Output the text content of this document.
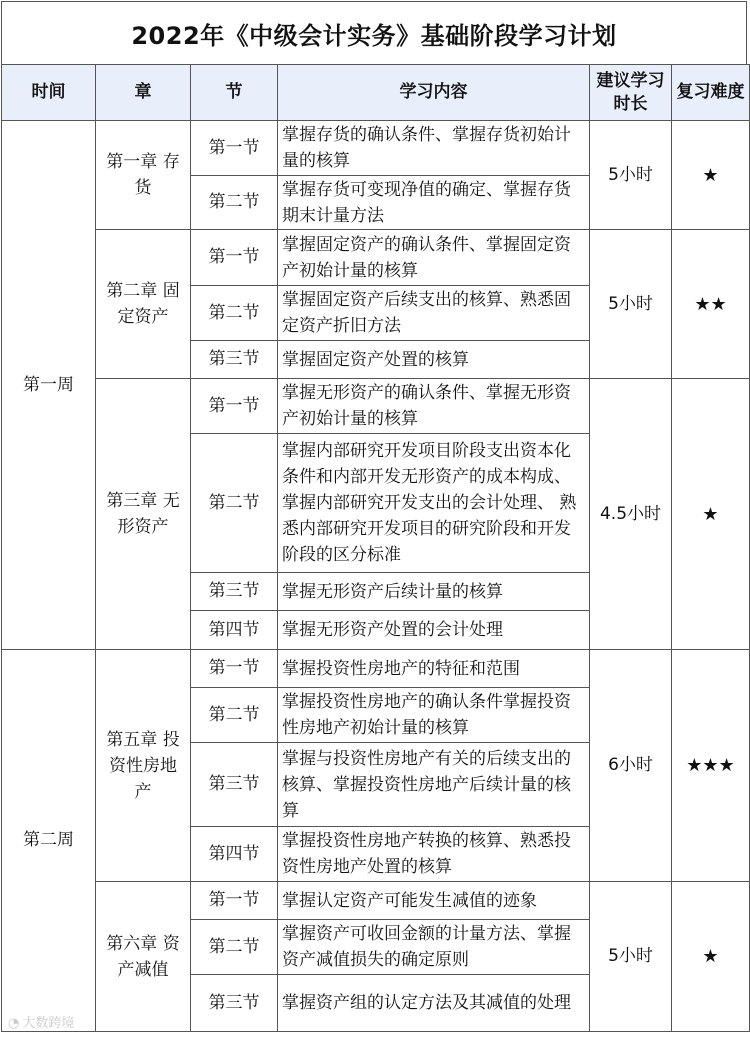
2022年《中级会计实务》基础阶段学习计划
时间	章	节	学习内容	建议学习时长	复习难度
第一周	第一章 存货	第一节	掌握存货的确认条件、掌握存货初始计量的核算	5小时	★
		第二节	掌握存货可变现净值的确定、掌握存货期末计量方法		
	第二章 固定资产	第一节	掌握固定资产的确认条件、掌握固定资产初始计量的核算	5小时	★★
		第二节	掌握固定资产后续支出的核算、熟悉固定资产折旧方法		
		第三节	掌握固定资产处置的核算		
	第三章 无形资产	第一节	掌握无形资产的确认条件、掌握无形资产初始计量的核算	4.5小时	★
		第二节	掌握内部研究开发项目阶段支出资本化条件和内部开发无形资产的成本构成、 掌握内部研究开发支出的会计处理、 熟悉内部研究开发项目的研究阶段和开发阶段的区分标准		
		第三节	掌握无形资产后续计量的核算		
		第四节	掌握无形资产处置的会计处理		
第二周	第五章 投资性房地产	第一节	掌握投资性房地产的特征和范围	6小时	★★★
		第二节	掌握投资性房地产的确认条件掌握投资性房地产初始计量的核算		
		第三节	掌握与投资性房地产有关的后续支出的核算、掌握投资性房地产后续计量的核算		
		第四节	掌握投资性房地产转换的核算、熟悉投资性房地产处置的核算		
	第六章 资产减值	第一节	掌握认定资产可能发生减值的迹象	5小时	★
		第二节	掌握资产可收回金额的计量方法、掌握资产减值损失的确定原则		
		第三节	掌握资产组的认定方法及其减值的处理		
◔ 大数跨境
